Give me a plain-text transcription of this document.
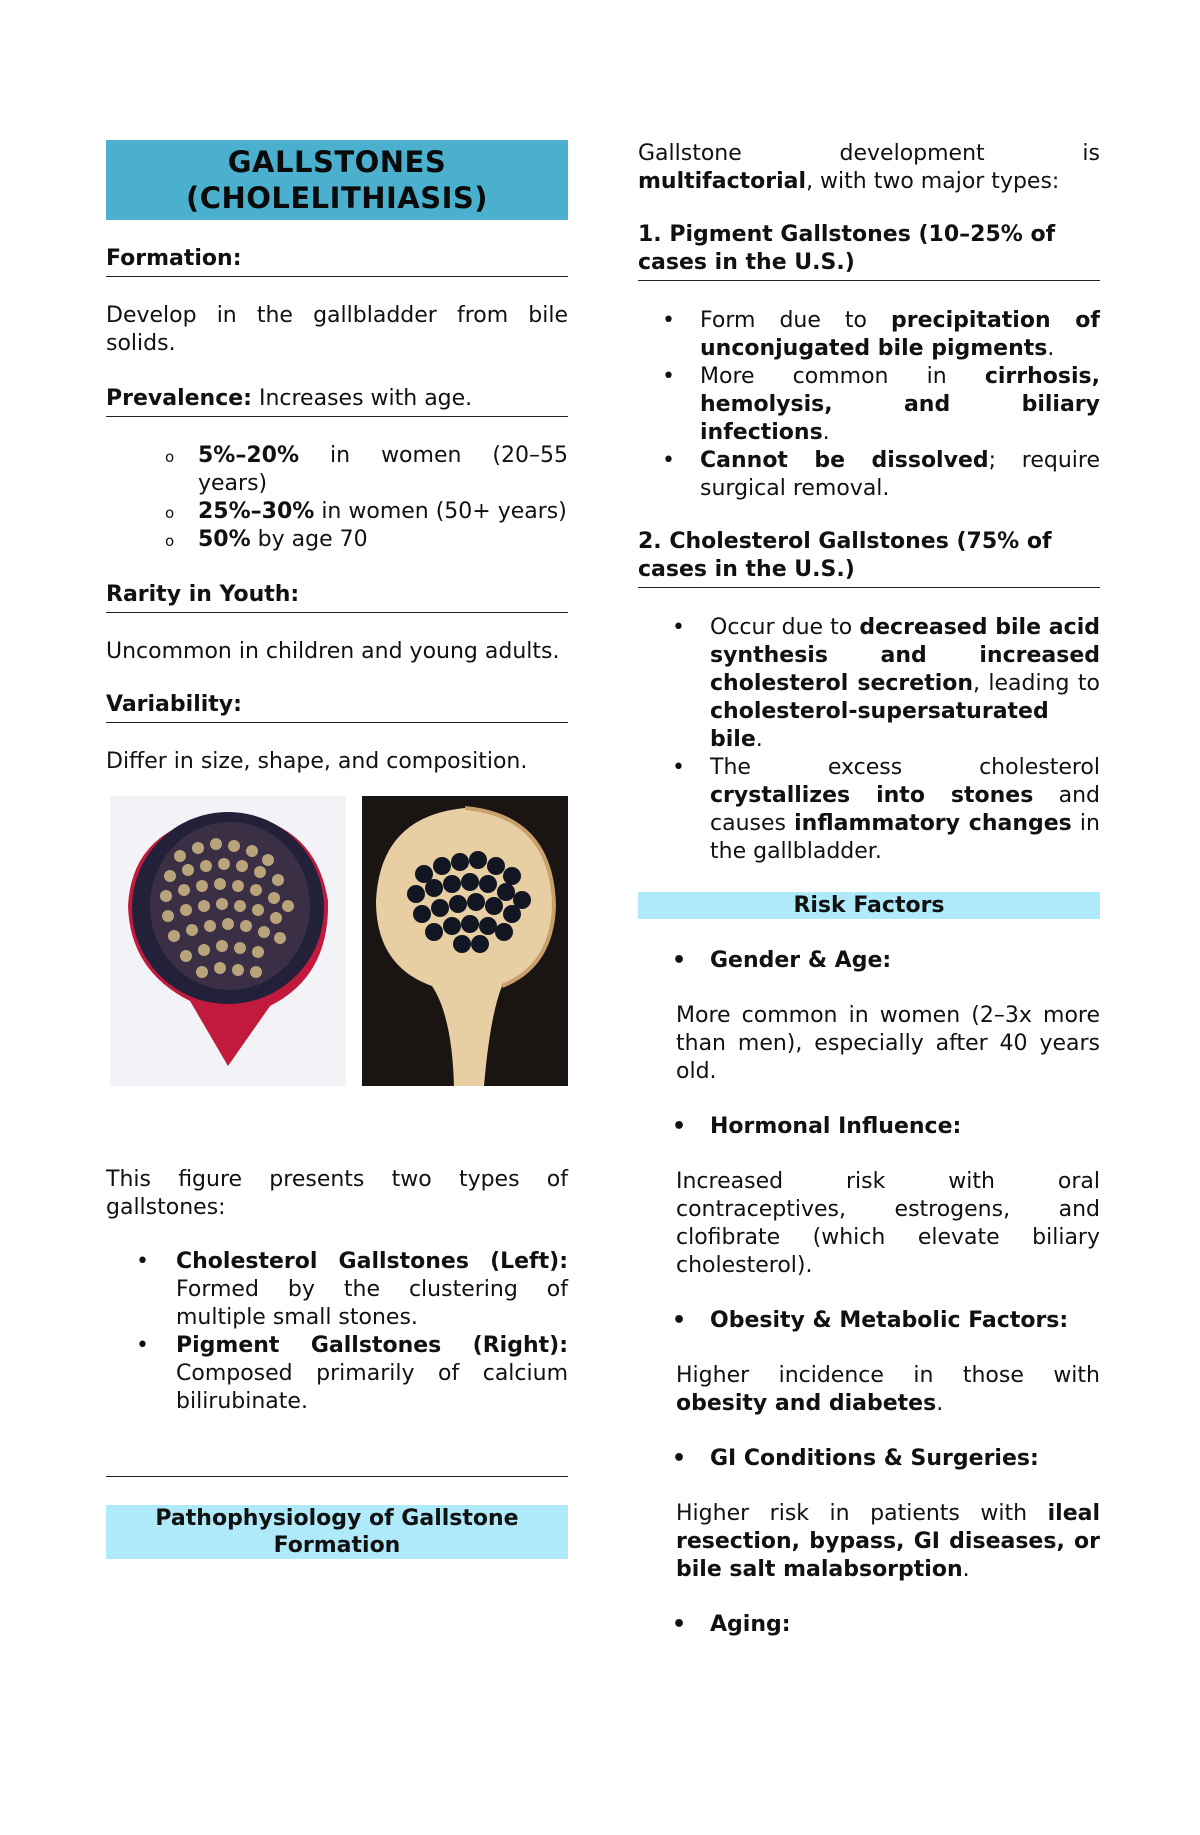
GALLSTONES (CHOLELITHIASIS)
Formation:

Develop in the gallbladder from bile solids.

Prevalence: Increases with age.
o 5%–20% in women (20–55 years)
o 25%–30% in women (50+ years)
o 50% by age 70
Rarity in Youth:

Uncommon in children and young adults.

Variability:

Differ in size, shape, and composition.

This figure presents two types of gallstones:

• Cholesterol Gallstones (Left): Formed by the clustering of multiple small stones.
• Pigment Gallstones (Right): Composed primarily of calcium bilirubinate.
Pathophysiology of Gallstone Formation

Gallstone development is multifactorial, with two major types:

1. Pigment Gallstones (10–25% of cases in the U.S.)
• Form due to precipitation of unconjugated bile pigments.
• More common in cirrhosis, hemolysis, and biliary infections.
• Cannot be dissolved; require surgical removal.
2. Cholesterol Gallstones (75% of cases in the U.S.)
• Occur due to decreased bile acid synthesis and increased cholesterol secretion, leading to cholesterol-supersaturated bile.
• The excess cholesterol crystallizes into stones and causes inflammatory changes in the gallbladder.
Risk Factors
• Gender & Age:

More common in women (2–3x more than men), especially after 40 years old.

• Hormonal Influence:

Increased risk with oral contraceptives, estrogens, and clofibrate (which elevate biliary cholesterol).

• Obesity & Metabolic Factors:

Higher incidence in those with obesity and diabetes.

• GI Conditions & Surgeries:

Higher risk in patients with ileal resection, bypass, GI diseases, or bile salt malabsorption.

• Aging:
